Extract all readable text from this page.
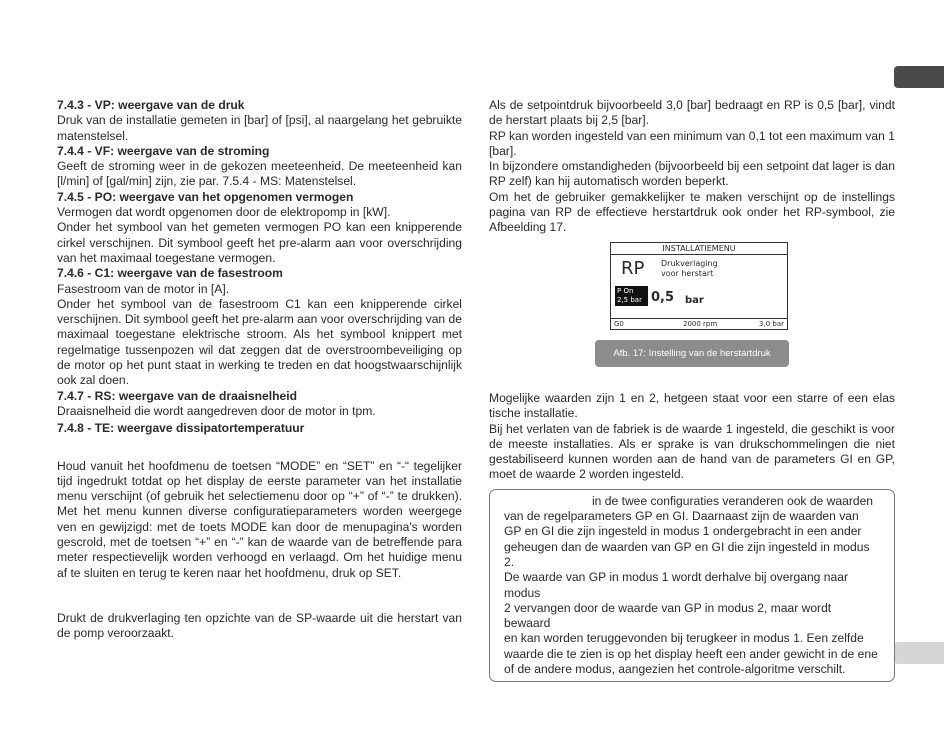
7.4.3 - VP: weergave van de druk
Druk van de installatie gemeten in [bar] of [psi], al naargelang het gebruikte matenstelsel.
7.4.4 - VF: weergave van de stroming
Geeft de stroming weer in de gekozen meeteenheid. De meeteenheid kan [l/min] of [gal/min] zijn, zie par. 7.5.4 - MS: Matenstelsel.
7.4.5 - PO: weergave van het opgenomen vermogen
Vermogen dat wordt opgenomen door de elektropomp in [kW].
Onder het symbool van het gemeten vermogen PO kan een knipperende cirkel verschijnen. Dit symbool geeft het pre-alarm aan voor overschrijding van het maximaal toegestane vermogen.
7.4.6 - C1: weergave van de fasestroom
Fasestroom van de motor in [A].
Onder het symbool van de fasestroom C1 kan een knipperende cirkel verschijnen. Dit symbool geeft het pre-alarm aan voor overschrijding van de maximaal toegestane elektrische stroom. Als het symbool knippert met regelmatige tussenpozen wil dat zeggen dat de overstroombeveiliging op de motor op het punt staat in werking te treden en dat hoogstwaarschijnlijk ook zal doen.
7.4.7 - RS: weergave van de draaisnelheid
Draaisnelheid die wordt aangedreven door de motor in tpm.
7.4.8 - TE: weergave dissipatortemperatuur
Houd vanuit het hoofdmenu de toetsen “MODE” en “SET” en “-“ tegelijker tijd ingedrukt totdat op het display de eerste parameter van het installatie menu verschijnt (of gebruik het selectiemenu door op “+” of “-” te drukken). Met het menu kunnen diverse configuratieparameters worden weergege ven en gewijzigd: met de toets MODE kan door de menupagina's worden gescrold, met de toetsen “+” en “-” kan de waarde van de betreffende para meter respectievelijk worden verhoogd en verlaagd. Om het huidige menu af te sluiten en terug te keren naar het hoofdmenu, druk op SET.
Drukt de drukverlaging ten opzichte van de SP-waarde uit die herstart van de pomp veroorzaakt.
Als de setpointdruk bijvoorbeeld 3,0 [bar] bedraagt en RP is 0,5 [bar], vindt de herstart plaats bij 2,5 [bar].
RP kan worden ingesteld van een minimum van 0,1 tot een maximum van 1 [bar].
In bijzondere omstandigheden (bijvoorbeeld bij een setpoint dat lager is dan RP zelf) kan hij automatisch worden beperkt.
Om het de gebruiker gemakkelijker te maken verschijnt op de instellings pagina van RP de effectieve herstartdruk ook onder het RP-symbool, zie Afbeelding 17.
INSTALLATIEMENU
RP Drukverlaging
voor herstart
P On
2,5 bar 0,5 bar
G0	2000 rpm	3,0 bar
Afb. 17: Instelling van de herstartdruk
Mogelijke waarden zijn 1 en 2, hetgeen staat voor een starre of een elas tische installatie.
Bij het verlaten van de fabriek is de waarde 1 ingesteld, die geschikt is voor de meeste installaties. Als er sprake is van drukschommelingen die niet gestabiliseerd kunnen worden aan de hand van de parameters GI en GP, moet de waarde 2 worden ingesteld.
in de twee configuraties veranderen ook de waarden
van de regelparameters GP en GI. Daarnaast zijn de waarden van
GP en GI die zijn ingesteld in modus 1 ondergebracht in een ander
geheugen dan de waarden van GP en GI die zijn ingesteld in modus 2.
De waarde van GP in modus 1 wordt derhalve bij overgang naar modus
2 vervangen door de waarde van GP in modus 2, maar wordt bewaard
en kan worden teruggevonden bij terugkeer in modus 1. Een zelfde
waarde die te zien is op het display heeft een ander gewicht in de ene
of de andere modus, aangezien het controle-algoritme verschilt.
